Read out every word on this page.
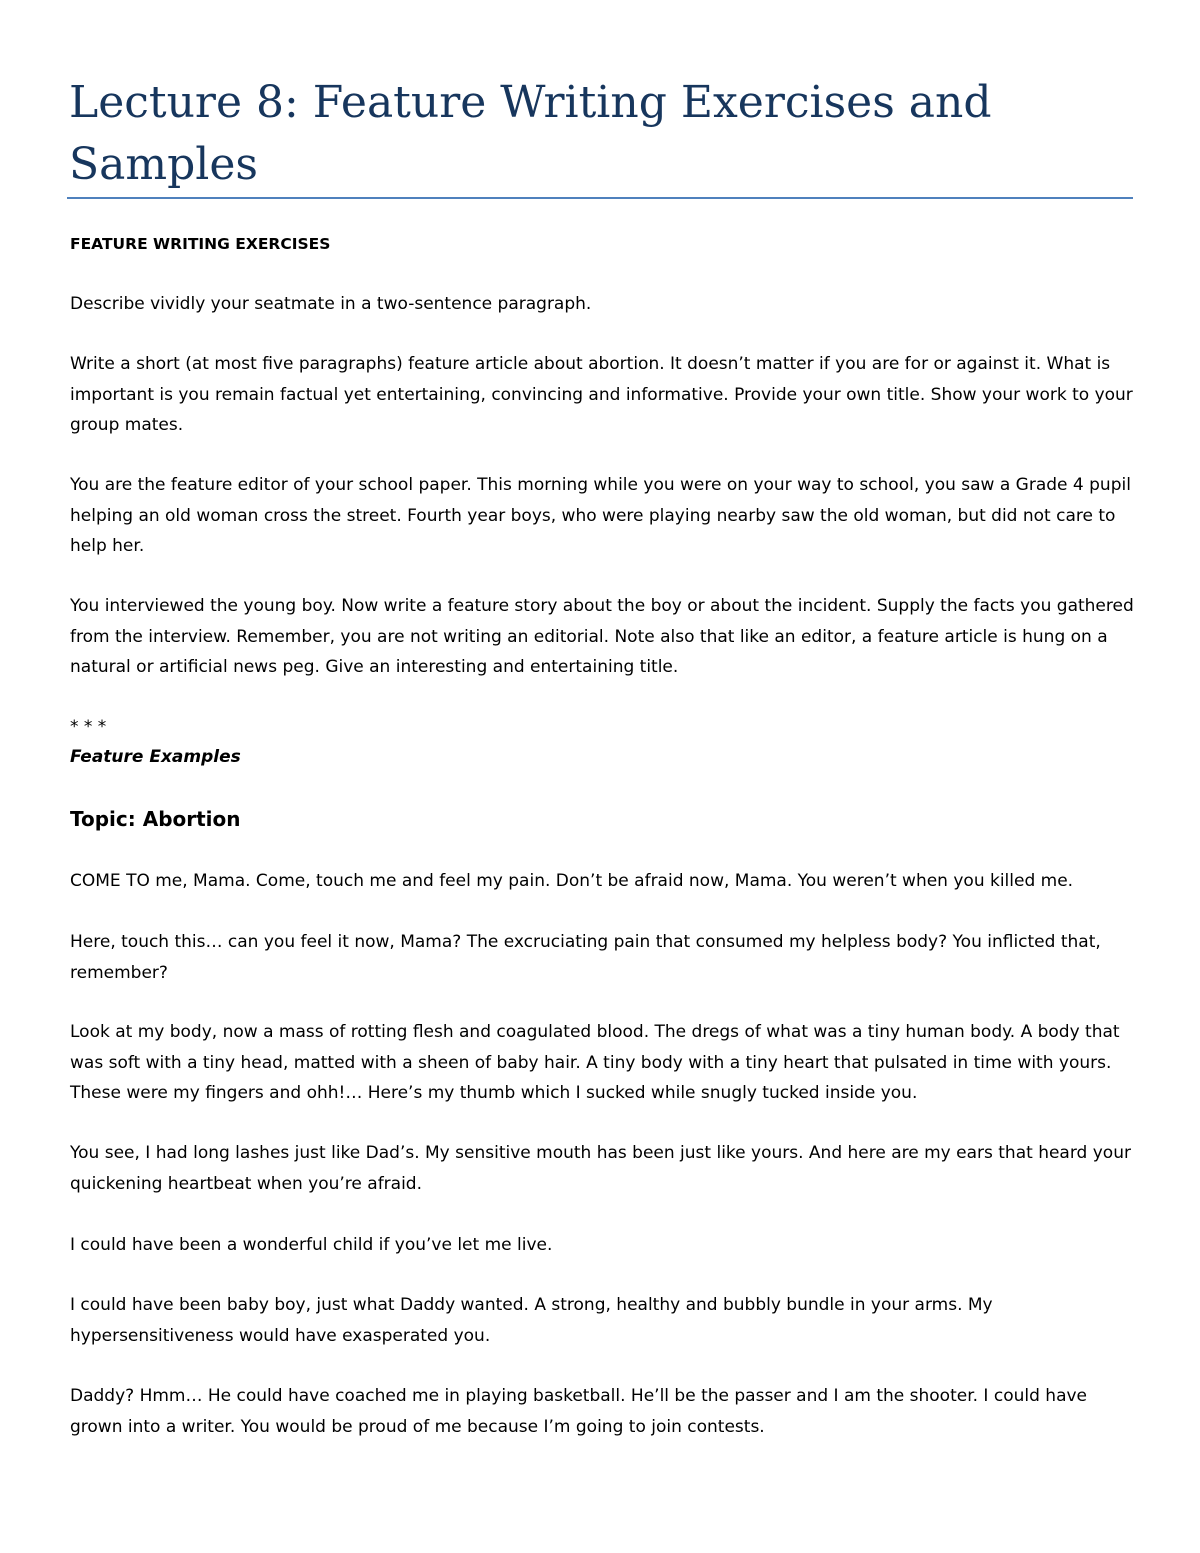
Lecture 8: Feature Writing Exercises and Samples

FEATURE WRITING EXERCISES

Describe vividly your seatmate in a two-sentence paragraph.

Write a short (at most five paragraphs) feature article about abortion. It doesn’t matter if you are for or against it. What is important is you remain factual yet entertaining, convincing and informative. Provide your own title. Show your work to your group mates.

You are the feature editor of your school paper. This morning while you were on your way to school, you saw a Grade 4 pupil helping an old woman cross the street. Fourth year boys, who were playing nearby saw the old woman, but did not care to help her.

You interviewed the young boy. Now write a feature story about the boy or about the incident. Supply the facts you gathered from the interview. Remember, you are not writing an editorial. Note also that like an editor, a feature article is hung on a natural or artificial news peg. Give an interesting and entertaining title.

* * *

Feature Examples

Topic: Abortion

COME TO me, Mama. Come, touch me and feel my pain. Don’t be afraid now, Mama. You weren’t when you killed me.

Here, touch this… can you feel it now, Mama? The excruciating pain that consumed my helpless body? You inflicted that, remember?

Look at my body, now a mass of rotting flesh and coagulated blood. The dregs of what was a tiny human body. A body that was soft with a tiny head, matted with a sheen of baby hair. A tiny body with a tiny heart that pulsated in time with yours. These were my fingers and ohh!… Here’s my thumb which I sucked while snugly tucked inside you.

You see, I had long lashes just like Dad’s. My sensitive mouth has been just like yours. And here are my ears that heard your quickening heartbeat when you’re afraid.

I could have been a wonderful child if you’ve let me live.

I could have been baby boy, just what Daddy wanted. A strong, healthy and bubbly bundle in your arms. My hypersensitiveness would have exasperated you.

Daddy? Hmm… He could have coached me in playing basketball. He’ll be the passer and I am the shooter. I could have grown into a writer. You would be proud of me because I’m going to join contests.
